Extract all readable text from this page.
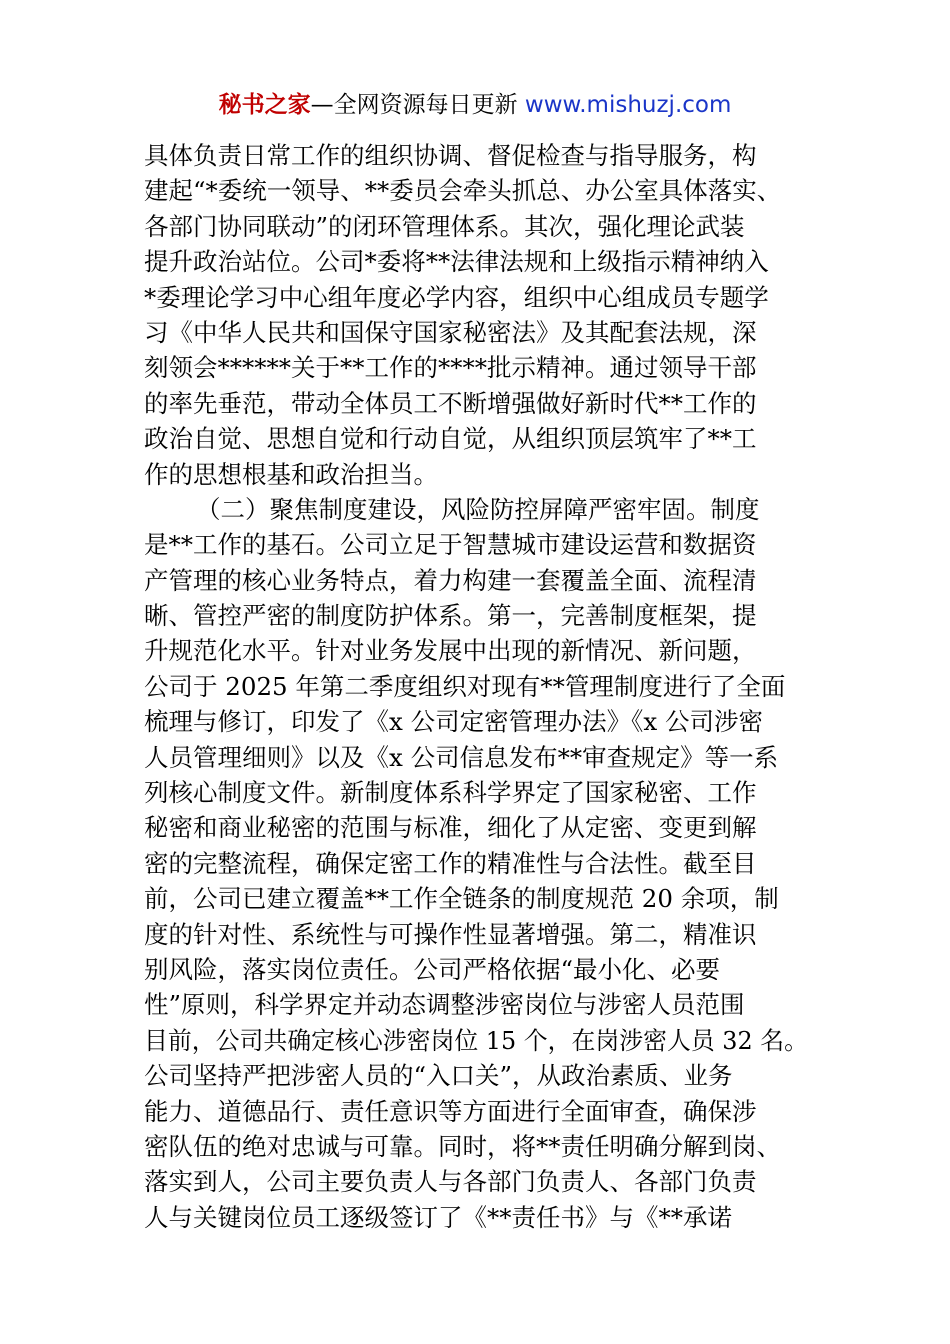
秘书之家—全网资源每日更新 www.mishuzj.com
具体负责日常工作的组织协调、督促检查与指导服务，构
建起“*委统一领导、**委员会牵头抓总、办公室具体落实、
各部门协同联动”的闭环管理体系。其次，强化理论武装
提升政治站位。公司*委将**法律法规和上级指示精神纳入
*委理论学习中心组年度必学内容，组织中心组成员专题学
习《中华人民共和国保守国家秘密法》及其配套法规，深
刻领会******关于**工作的****批示精神。通过领导干部
的率先垂范，带动全体员工不断增强做好新时代**工作的
政治自觉、思想自觉和行动自觉，从组织顶层筑牢了**工
作的思想根基和政治担当。
（二）聚焦制度建设，风险防控屏障严密牢固。制度
是**工作的基石。公司立足于智慧城市建设运营和数据资
产管理的核心业务特点，着力构建一套覆盖全面、流程清
晰、管控严密的制度防护体系。第一，完善制度框架，提
升规范化水平。针对业务发展中出现的新情况、新问题，
公司于 2025 年第二季度组织对现有**管理制度进行了全面
梳理与修订，印发了《x 公司定密管理办法》《x 公司涉密
人员管理细则》以及《x 公司信息发布**审查规定》等一系
列核心制度文件。新制度体系科学界定了国家秘密、工作
秘密和商业秘密的范围与标准，细化了从定密、变更到解
密的完整流程，确保定密工作的精准性与合法性。截至目
前，公司已建立覆盖**工作全链条的制度规范 20 余项，制
度的针对性、系统性与可操作性显著增强。第二，精准识
别风险，落实岗位责任。公司严格依据“最小化、必要
性”原则，科学界定并动态调整涉密岗位与涉密人员范围
目前，公司共确定核心涉密岗位 15 个，在岗涉密人员 32 名。
公司坚持严把涉密人员的“入口关”，从政治素质、业务
能力、道德品行、责任意识等方面进行全面审查，确保涉
密队伍的绝对忠诚与可靠。同时，将**责任明确分解到岗、
落实到人，公司主要负责人与各部门负责人、各部门负责
人与关键岗位员工逐级签订了《**责任书》与《**承诺
